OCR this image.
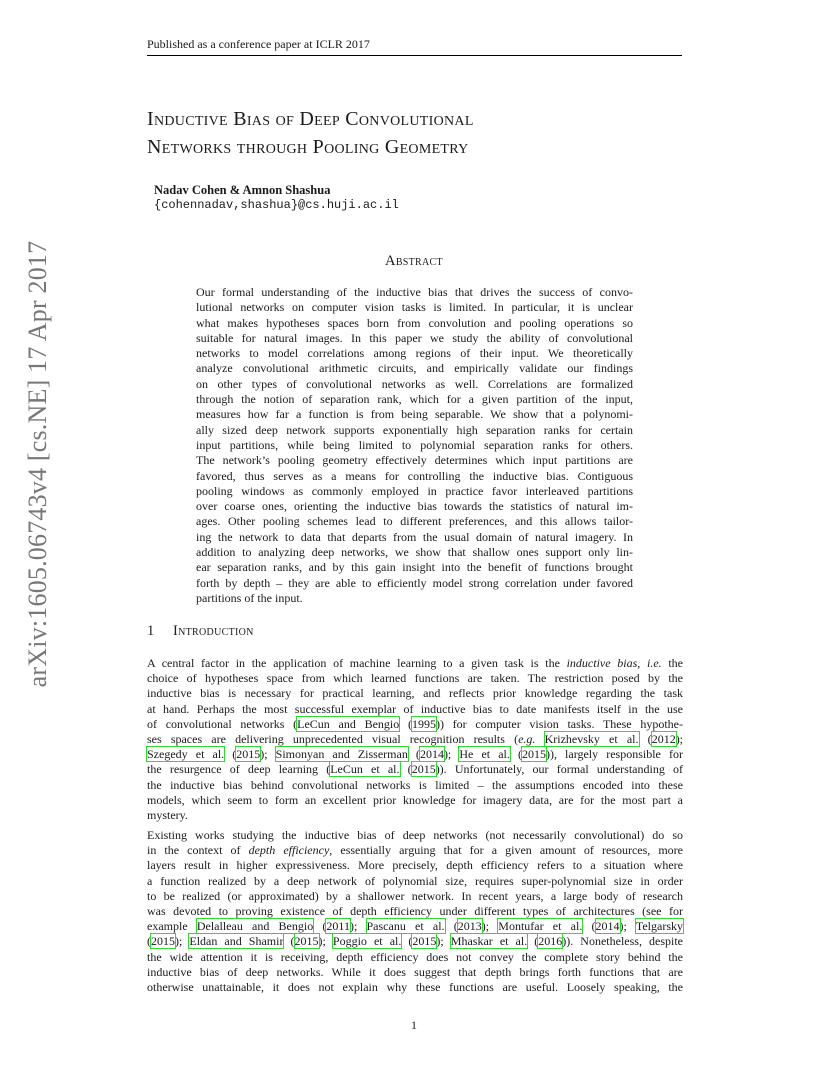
Published as a conference paper at ICLR 2017
arXiv:1605.06743v4 [cs.NE] 17 Apr 2017
Inductive Bias of Deep Convolutional
Networks through Pooling Geometry
Nadav Cohen & Amnon Shashua
{cohennadav,shashua}@cs.huji.ac.il
Abstract
Our formal understanding of the inductive bias that drives the success of convo-
lutional networks on computer vision tasks is limited. In particular, it is unclear
what makes hypotheses spaces born from convolution and pooling operations so
suitable for natural images. In this paper we study the ability of convolutional
networks to model correlations among regions of their input. We theoretically
analyze convolutional arithmetic circuits, and empirically validate our findings
on other types of convolutional networks as well. Correlations are formalized
through the notion of separation rank, which for a given partition of the input,
measures how far a function is from being separable. We show that a polynomi-
ally sized deep network supports exponentially high separation ranks for certain
input partitions, while being limited to polynomial separation ranks for others.
The network’s pooling geometry effectively determines which input partitions are
favored, thus serves as a means for controlling the inductive bias. Contiguous
pooling windows as commonly employed in practice favor interleaved partitions
over coarse ones, orienting the inductive bias towards the statistics of natural im-
ages. Other pooling schemes lead to different preferences, and this allows tailor-
ing the network to data that departs from the usual domain of natural imagery. In
addition to analyzing deep networks, we show that shallow ones support only lin-
ear separation ranks, and by this gain insight into the benefit of functions brought
forth by depth – they are able to efficiently model strong correlation under favored
partitions of the input.
1 Introduction
A central factor in the application of machine learning to a given task is the inductive bias, i.e. the
choice of hypotheses space from which learned functions are taken. The restriction posed by the
inductive bias is necessary for practical learning, and reflects prior knowledge regarding the task
at hand. Perhaps the most successful exemplar of inductive bias to date manifests itself in the use
of convolutional networks (LeCun and Bengio (1995)) for computer vision tasks. These hypothe-
ses spaces are delivering unprecedented visual recognition results (e.g. Krizhevsky et al. (2012);
Szegedy et al. (2015); Simonyan and Zisserman (2014); He et al. (2015)), largely responsible for
the resurgence of deep learning (LeCun et al. (2015)). Unfortunately, our formal understanding of
the inductive bias behind convolutional networks is limited – the assumptions encoded into these
models, which seem to form an excellent prior knowledge for imagery data, are for the most part a
mystery.
Existing works studying the inductive bias of deep networks (not necessarily convolutional) do so
in the context of depth efficiency, essentially arguing that for a given amount of resources, more
layers result in higher expressiveness. More precisely, depth efficiency refers to a situation where
a function realized by a deep network of polynomial size, requires super-polynomial size in order
to be realized (or approximated) by a shallower network. In recent years, a large body of research
was devoted to proving existence of depth efficiency under different types of architectures (see for
example Delalleau and Bengio (2011); Pascanu et al. (2013); Montufar et al. (2014); Telgarsky
(2015); Eldan and Shamir (2015); Poggio et al. (2015); Mhaskar et al. (2016)). Nonetheless, despite
the wide attention it is receiving, depth efficiency does not convey the complete story behind the
inductive bias of deep networks. While it does suggest that depth brings forth functions that are
otherwise unattainable, it does not explain why these functions are useful. Loosely speaking, the
1
